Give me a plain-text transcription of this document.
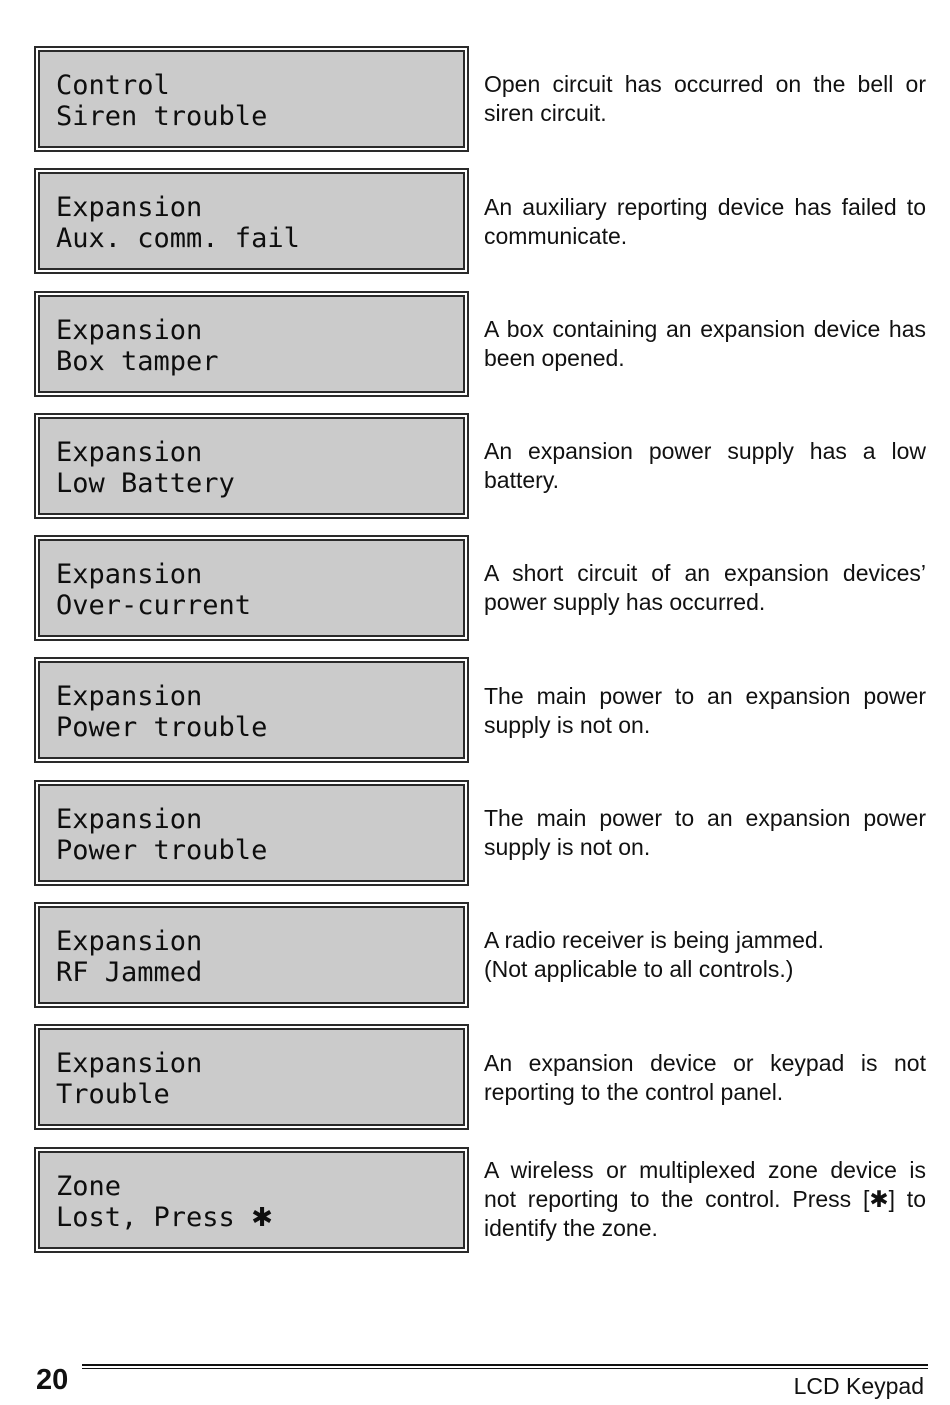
Control
Siren trouble
Open circuit has occurred on the bell or siren circuit.
Expansion
Aux. comm. fail
An auxiliary reporting device has failed to communicate.
Expansion
Box tamper
A box containing an expansion device has been opened.
Expansion
Low Battery
An expansion power supply has a low battery.
Expansion
Over-current
A short circuit of an expansion devices’ power supply has occurred.
Expansion
Power trouble
The main power to an expansion power supply is not on.
Expansion
Power trouble
The main power to an expansion power supply is not on.
Expansion
RF Jammed
A radio receiver is being jammed.
(Not applicable to all controls.)
Expansion
Trouble
An expansion device or keypad is not reporting to the control panel.
Zone
Lost, Press ✱
A wireless or multiplexed zone device is not reporting to the control. Press [✱] to identify the zone.
20	LCD Keypad
